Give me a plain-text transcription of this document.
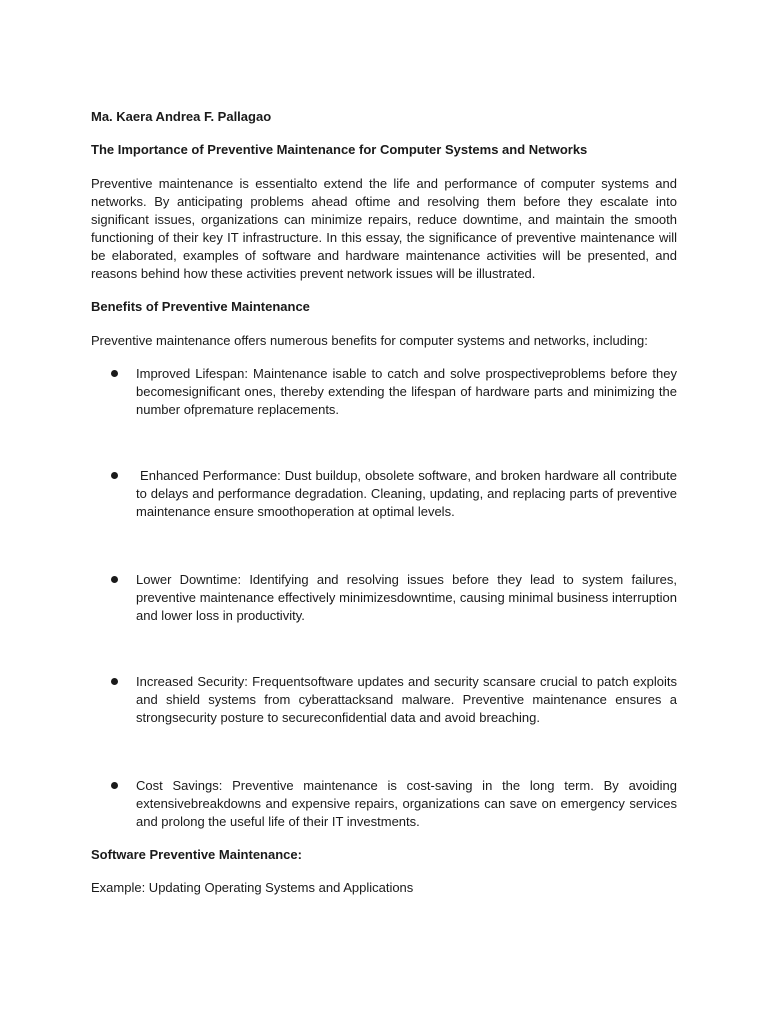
Ma. Kaera Andrea F. Pallagao
The Importance of Preventive Maintenance for Computer Systems and Networks

Preventive maintenance is essentialto extend the life and performance of computer systems and networks. By anticipating problems ahead oftime and resolving them before they escalate into significant issues, organizations can minimize repairs, reduce downtime, and maintain the smooth functioning of their key IT infrastructure. In this essay, the significance of preventive maintenance will be elaborated, examples of software and hardware maintenance activities will be presented, and reasons behind how these activities prevent network issues will be illustrated.

Benefits of Preventive Maintenance
Preventive maintenance offers numerous benefits for computer systems and networks, including:

Improved Lifespan: Maintenance isable to catch and solve prospectiveproblems before they becomesignificant ones, thereby extending the lifespan of hardware parts and minimizing the number ofpremature replacements.

Enhanced Performance: Dust buildup, obsolete software, and broken hardware all contribute to delays and performance degradation. Cleaning, updating, and replacing parts of preventive maintenance ensure smoothoperation at optimal levels.

Lower Downtime: Identifying and resolving issues before they lead to system failures, preventive maintenance effectively minimizesdowntime, causing minimal business interruption and lower loss in productivity.

Increased Security: Frequentsoftware updates and security scansare crucial to patch exploits and shield systems from cyberattacksand malware. Preventive maintenance ensures a strongsecurity posture to secureconfidential data and avoid breaching.

Cost Savings: Preventive maintenance is cost-saving in the long term. By avoiding extensivebreakdowns and expensive repairs, organizations can save on emergency services and prolong the useful life of their IT investments.

Software Preventive Maintenance:
Example: Updating Operating Systems and Applications
